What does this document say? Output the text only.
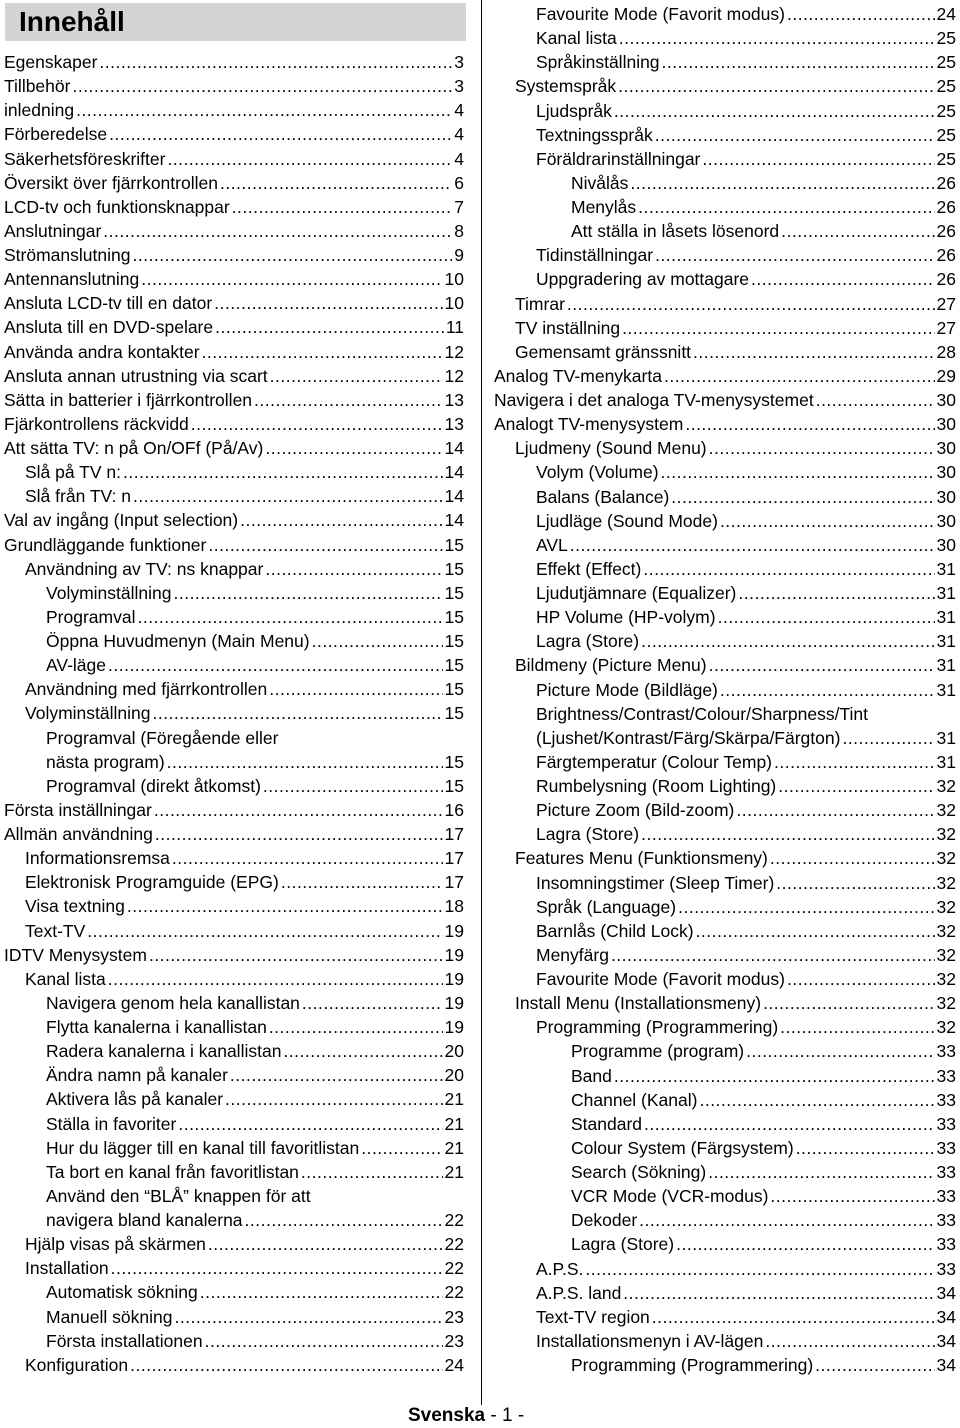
Innehåll
Egenskaper .....	3
Tillbehör .....	3
inledning .....	4
Förberedelse .....	4
Säkerhetsföreskrifter .....	4
Översikt över fjärrkontrollen .....	6
LCD-tv och funktionsknappar .....	7
Anslutningar .....	8
Strömanslutning .....	9
Antennanslutning .....	10
Ansluta LCD-tv till en dator .....	10
Ansluta till en DVD-spelare .....	11
Använda andra kontakter .....	12
Ansluta annan utrustning via scart .....	12
Sätta in batterier i fjärrkontrollen .....	13
Fjärkontrollens räckvidd .....	13
Att sätta TV: n på On/OFf (På/Av) .....	14
Slå på TV n: .....	14
Slå från TV: n .....	14
Val av ingång (Input selection) .....	14
Grundläggande funktioner .....	15
Användning av TV: ns knappar .....	15
Volyminställning .....	15
Programval .....	15
Öppna Huvudmenyn (Main Menu) .....	15
AV-läge .....	15
Användning med fjärrkontrollen .....	15
Volyminställning .....	15
Programval (Föregående eller
nästa program) .....	15
Programval (direkt åtkomst) .....	15
Första inställningar .....	16
Allmän användning .....	17
Informationsremsa .....	17
Elektronisk Programguide (EPG) .....	17
Visa textning .....	18
Text-TV .....	19
IDTV Menysystem .....	19
Kanal lista .....	19
Navigera genom hela kanallistan .....	19
Flytta kanalerna i kanallistan .....	19
Radera kanalerna i kanallistan .....	20
Ändra namn på kanaler .....	20
Aktivera lås på kanaler .....	21
Ställa in favoriter .....	21
Hur du lägger till en kanal till favoritlistan .....	21
Ta bort en kanal från favoritlistan .....	21
Använd den “BLÅ” knappen för att
navigera bland kanalerna .....	22
Hjälp visas på skärmen .....	22
Installation .....	22
Automatisk sökning .....	22
Manuell sökning .....	23
Första installationen .....	23
Konfiguration .....	24
Favourite Mode (Favorit modus) .....	24
Kanal lista .....	25
Språkinställning .....	25
Systemspråk .....	25
Ljudspråk .....	25
Textningsspråk .....	25
Föräldrarinställningar .....	25
Nivålås .....	26
Menylås .....	26
Att ställa in låsets lösenord .....	26
Tidinställningar .....	26
Uppgradering av mottagare .....	26
Timrar .....	27
TV inställning .....	27
Gemensamt gränssnitt .....	28
Analog TV-menykarta .....	29
Navigera i det analoga TV-menysystemet .....	30
Analogt TV-menysystem .....	30
Ljudmeny (Sound Menu) .....	30
Volym (Volume) .....	30
Balans (Balance) .....	30
Ljudläge (Sound Mode) .....	30
AVL .....	30
Effekt (Effect) .....	31
Ljudutjämnare (Equalizer) .....	31
HP Volume (HP-volym) .....	31
Lagra (Store) .....	31
Bildmeny (Picture Menu) .....	31
Picture Mode (Bildläge) .....	31
Brightness/Contrast/Colour/Sharpness/Tint
(Ljushet/Kontrast/Färg/Skärpa/Färgton) .....	31
Färgtemperatur (Colour Temp) .....	31
Rumbelysning (Room Lighting) .....	32
Picture Zoom (Bild-zoom) .....	32
Lagra (Store) .....	32
Features Menu (Funktionsmeny) .....	32
Insomningstimer (Sleep Timer) .....	32
Språk (Language) .....	32
Barnlås (Child Lock) .....	32
Menyfärg .....	32
Favourite Mode (Favorit modus) .....	32
Install Menu (Installationsmeny) .....	32
Programming (Programmering) .....	32
Programme (program) .....	33
Band .....	33
Channel (Kanal) .....	33
Standard .....	33
Colour System (Färgsystem) .....	33
Search (Sökning) .....	33
VCR Mode (VCR-modus) .....	33
Dekoder .....	33
Lagra (Store) .....	33
A.P.S. .....	33
A.P.S. land .....	34
Text-TV region .....	34
Installationsmenyn i AV-lägen .....	34
Programming (Programmering) .....	34
Svenska - 1 -
